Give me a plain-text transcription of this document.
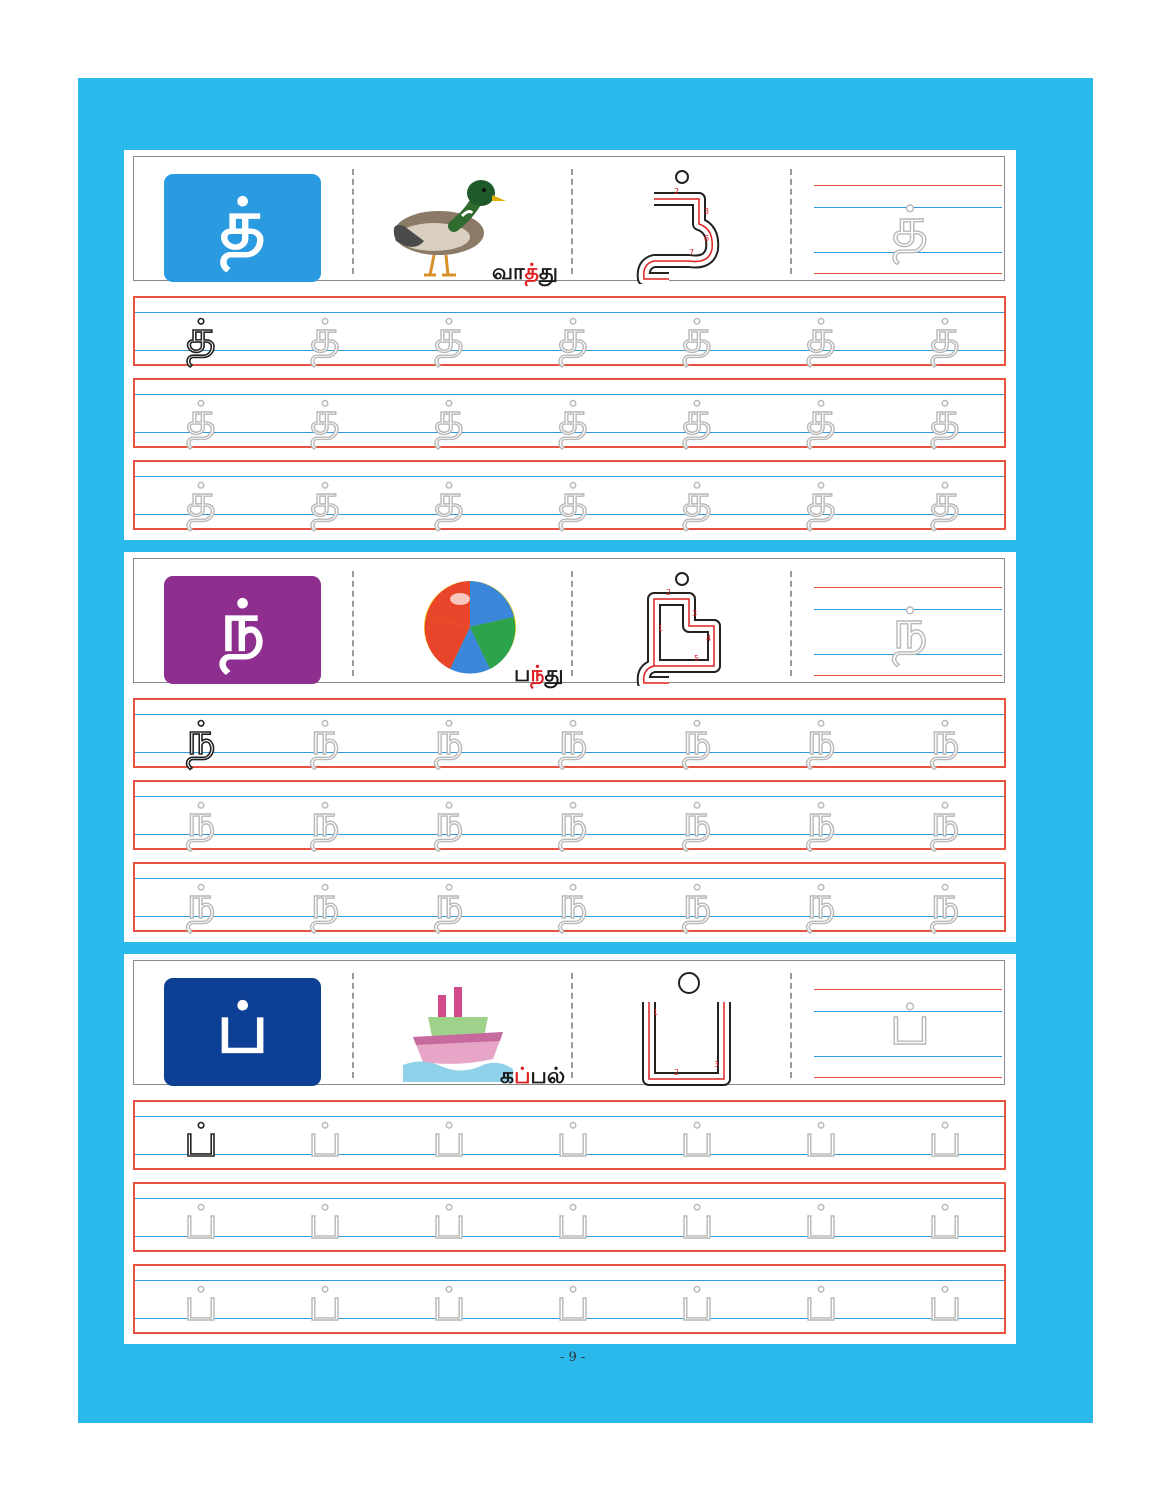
த்
வாத்து
2
3
6
7	த்
த்	த்	த்	த்	த்	த்	த்
த்	த்	த்	த்	த்	த்	த்
த்	த்	த்	த்	த்	த்	த்
ந்
பந்து
1
2
3
4
5	ந்
ந்	ந்	ந்	ந்	ந்	ந்	ந்
ந்	ந்	ந்	ந்	ந்	ந்	ந்
ந்	ந்	ந்	ந்	ந்	ந்	ந்
ப்
கப்பல்
1
2
3
ப்
ப்	ப்	ப்	ப்	ப்	ப்	ப்
ப்	ப்	ப்	ப்	ப்	ப்	ப்
ப்	ப்	ப்	ப்	ப்	ப்	ப்
- 9 -
